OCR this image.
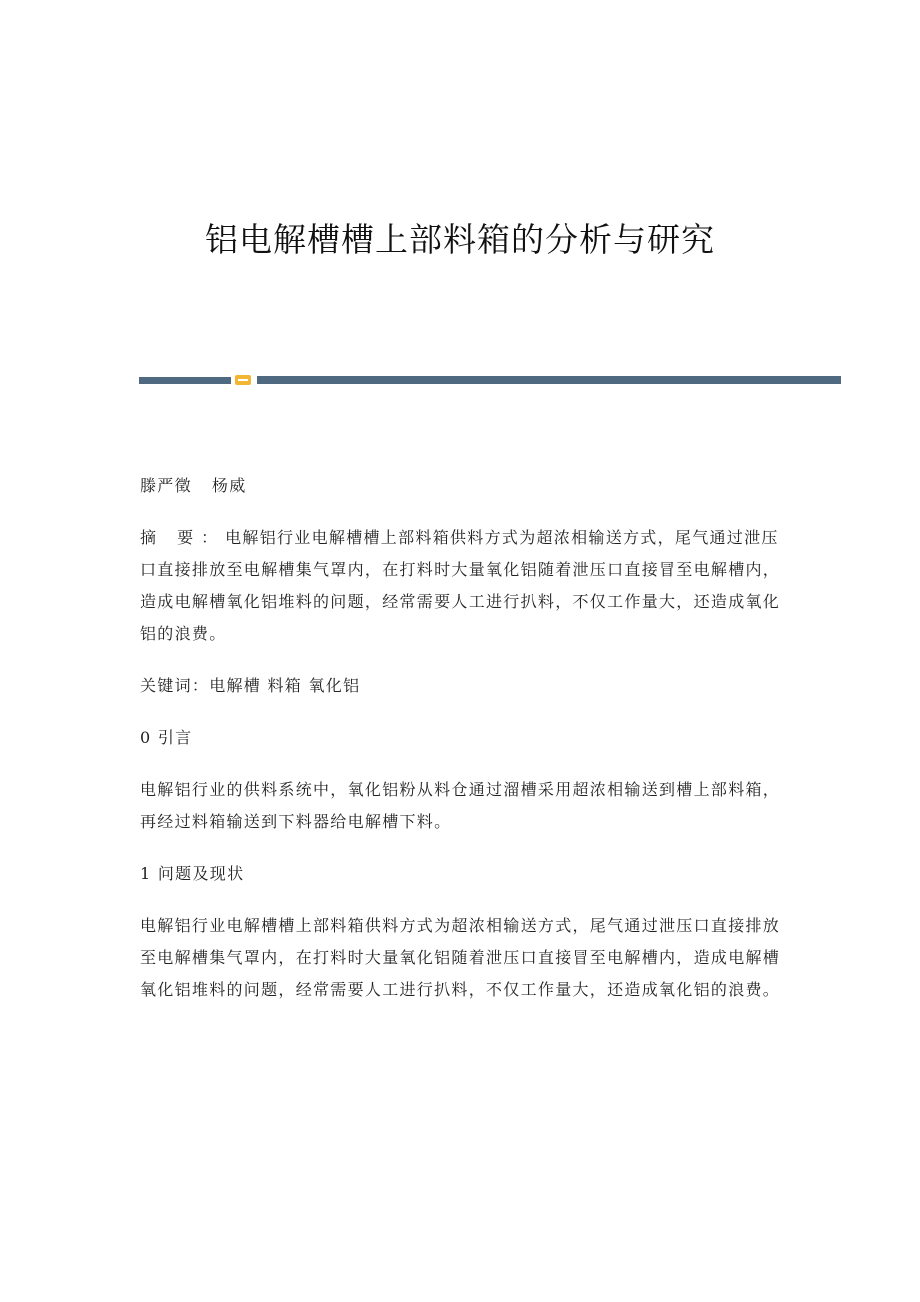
铝电解槽槽上部料箱的分析与研究

滕严徵 杨威

摘 要：电解铝行业电解槽槽上部料箱供料方式为超浓相输送方式，尾气通过泄压口直接排放至电解槽集气罩内，在打料时大量氧化铝随着泄压口直接冒至电解槽内，造成电解槽氧化铝堆料的问题，经常需要人工进行扒料，不仅工作量大，还造成氧化铝的浪费。

关键词：电解槽 料箱 氧化铝

0 引言

电解铝行业的供料系统中，氧化铝粉从料仓通过溜槽采用超浓相输送到槽上部料箱，再经过料箱输送到下料器给电解槽下料。

1 问题及现状

电解铝行业电解槽槽上部料箱供料方式为超浓相输送方式，尾气通过泄压口直接排放至电解槽集气罩内，在打料时大量氧化铝随着泄压口直接冒至电解槽内，造成电解槽氧化铝堆料的问题，经常需要人工进行扒料，不仅工作量大，还造成氧化铝的浪费。
